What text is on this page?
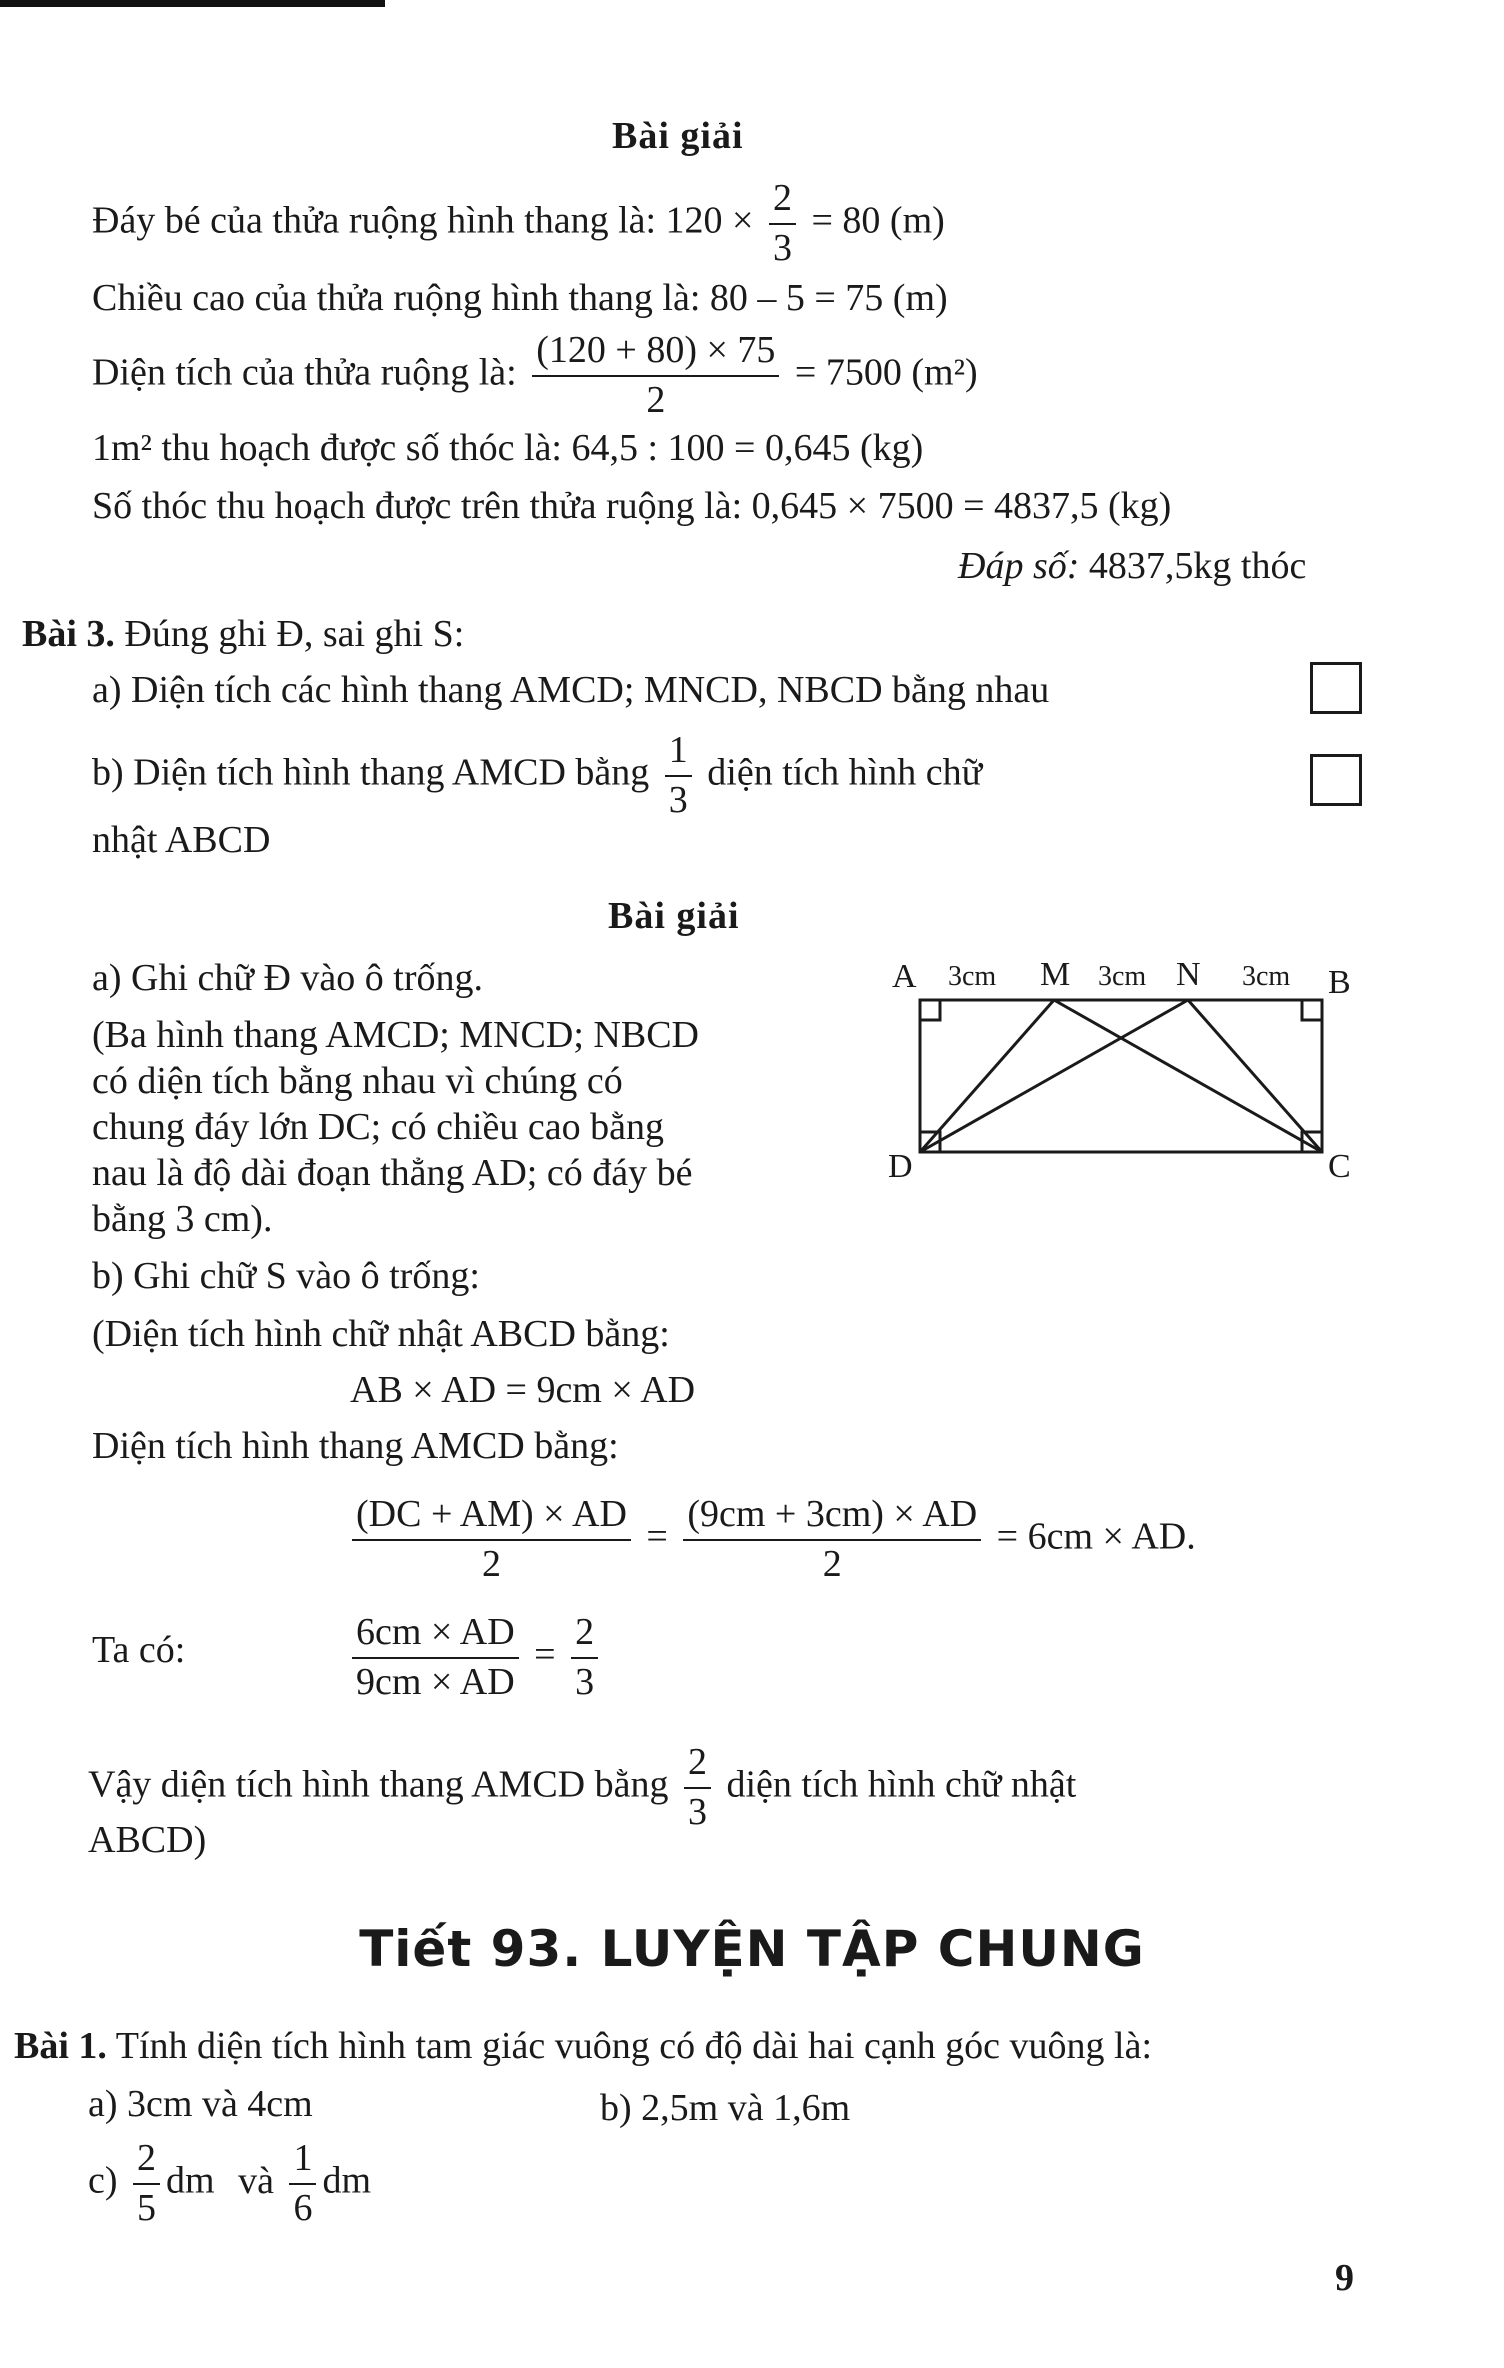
Bài giải
Đáy bé của thửa ruộng hình thang là: $120 \times \frac{2}{3} = 80$ (m)
Chiều cao của thửa ruộng hình thang là: 80 – 5 = 75 (m)
Diện tích của thửa ruộng là: $\frac{(120 + 80) \times 75}{2} = 7500$ (m²)
1m² thu hoạch được số thóc là: 64,5 : 100 = 0,645 (kg)
Số thóc thu hoạch được trên thửa ruộng là: 0,645 × 7500 = 4837,5 (kg)
Đáp số: 4837,5kg thóc
Bài 3. Đúng ghi Đ, sai ghi S:
a) Diện tích các hình thang AMCD; MNCD, NBCD bằng nhau
b) Diện tích hình thang AMCD bằng $\frac{1}{3}$ diện tích hình chữ
nhật ABCD
Bài giải
a) Ghi chữ Đ vào ô trống.
(Ba hình thang AMCD; MNCD; NBCD
có diện tích bằng nhau vì chúng có
chung đáy lớn DC; có chiều cao bằng
nau là độ dài đoạn thẳng AD; có đáy bé
bằng 3 cm).
A	M	N	B
D	C
3cm	3cm	3cm
b) Ghi chữ S vào ô trống:
(Diện tích hình chữ nhật ABCD bằng:
AB × AD = 9cm × AD
Diện tích hình thang AMCD bằng:
$\frac{(DC + AM) \times AD}{2} = \frac{(9cm + 3cm) \times AD}{2} = 6cm$ × AD.
Ta có:	$\frac{6cm \times AD}{9cm \times AD} = \frac{2}{3}$
Vậy diện tích hình thang AMCD bằng $\frac{2}{3}$ diện tích hình chữ nhật
ABCD)
Tiết 93. LUYỆN TẬP CHUNG
Bài 1. Tính diện tích hình tam giác vuông có độ dài hai cạnh góc vuông là:
a) 3cm và 4cm	b) 2,5m và 1,6m
$c) \frac{2}{5}$ dm và $\frac{1}{6}$ dm
9
